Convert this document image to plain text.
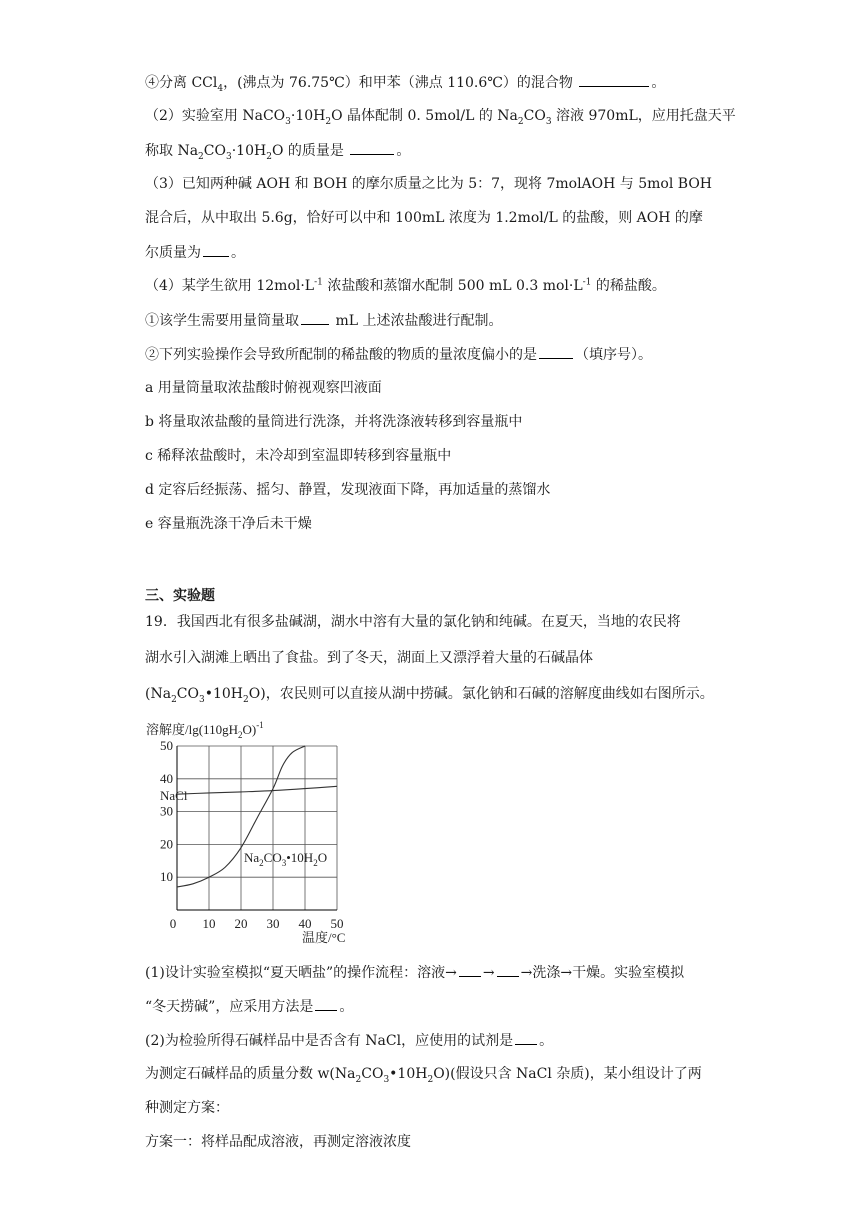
④分离 CCl$_4$，(沸点为 76.75℃）和甲苯（沸点 110.6℃）的混合物	。
（2）实验室用 $NaCO_3\cdot 10H_2O$ 晶体配制 0. 5mol/L 的 $Na_2CO_3$ 溶液 970mL，应用托盘天平
称取 $Na_2CO_3\cdot 10H_2O$ 的质量是	。
（3）已知两种碱 AOH 和 BOH 的摩尔质量之比为 5：7，现将 7molAOH 与 5mol BOH
混合后，从中取出 5.6g，恰好可以中和 100mL 浓度为 1.2mol/L 的盐酸，则 AOH 的摩
尔质量为 。
（4）某学生欲用 $12mol\cdot L^{-1}$ 浓盐酸和蒸馏水配制 500 mL 0.3 $mol\cdot L^{-1}$ 的稀盐酸。
①该学生需要用量筒量取 mL 上述浓盐酸进行配制。
②下列实验操作会导致所配制的稀盐酸的物质的量浓度偏小的是	（填序号）。
a 用量筒量取浓盐酸时俯视观察凹液面
b 将量取浓盐酸的量筒进行洗涤，并将洗涤液转移到容量瓶中
c 稀释浓盐酸时，未冷却到室温即转移到容量瓶中
d 定容后经振荡、摇匀、静置，发现液面下降，再加适量的蒸馏水
e 容量瓶洗涤干净后未干燥
三、实验题
19．我国西北有很多盐碱湖，湖水中溶有大量的氯化钠和纯碱。在夏天，当地的农民将
湖水引入湖滩上晒出了食盐。到了冬天，湖面上又漂浮着大量的石碱晶体
$(Na_2CO_3•10H_2O)$，农民则可以直接从湖中捞碱。氯化钠和石碱的溶解度曲线如右图所示。
溶解度$/\lg(110gH_2O)^{-1}$
0 10 20 30 40 50
10
20
30
40
50
NaCl
$Na_2CO_3•10H_2O$
温度/°C
(1)设计实验室模拟“夏天晒盐”的操作流程：溶液→ → →洗涤→干燥。实验室模拟
“冬天捞碱”，应采用方法是 。
(2)为检验所得石碱样品中是否含有 NaCl，应使用的试剂是 。
为测定石碱样品的质量分数 $w(Na_2CO_3•10H_2O)$(假设只含 NaCl 杂质)，某小组设计了两
种测定方案：
方案一：将样品配成溶液，再测定溶液浓度
